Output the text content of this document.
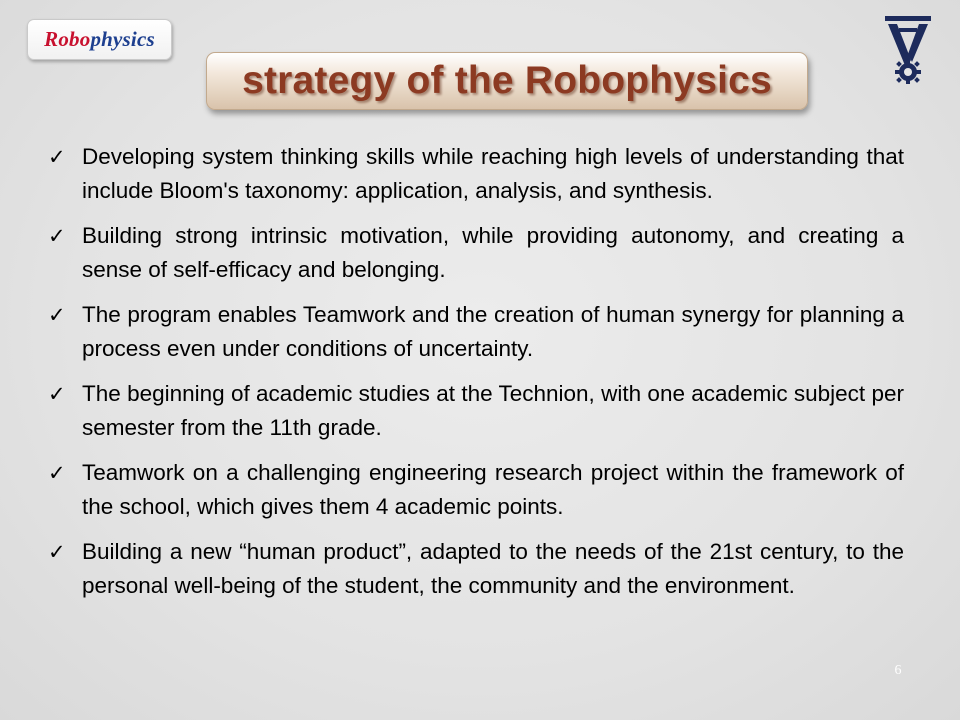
Robo physics
strategy of the Robophysics
✓ Developing system thinking skills while reaching high levels of understanding that include Bloom's taxonomy: application, analysis, and synthesis.
✓ Building strong intrinsic motivation, while providing autonomy, and creating a sense of self-efficacy and belonging.
✓ The program enables Teamwork and the creation of human synergy for planning a process even under conditions of uncertainty.
✓ The beginning of academic studies at the Technion, with one academic subject per semester from the 11th grade.
✓ Teamwork on a challenging engineering research project within the framework of the school, which gives them 4 academic points.
✓ Building a new “human product”, adapted to the needs of the 21st century, to the personal well-being of the student, the community and the environment.
6
